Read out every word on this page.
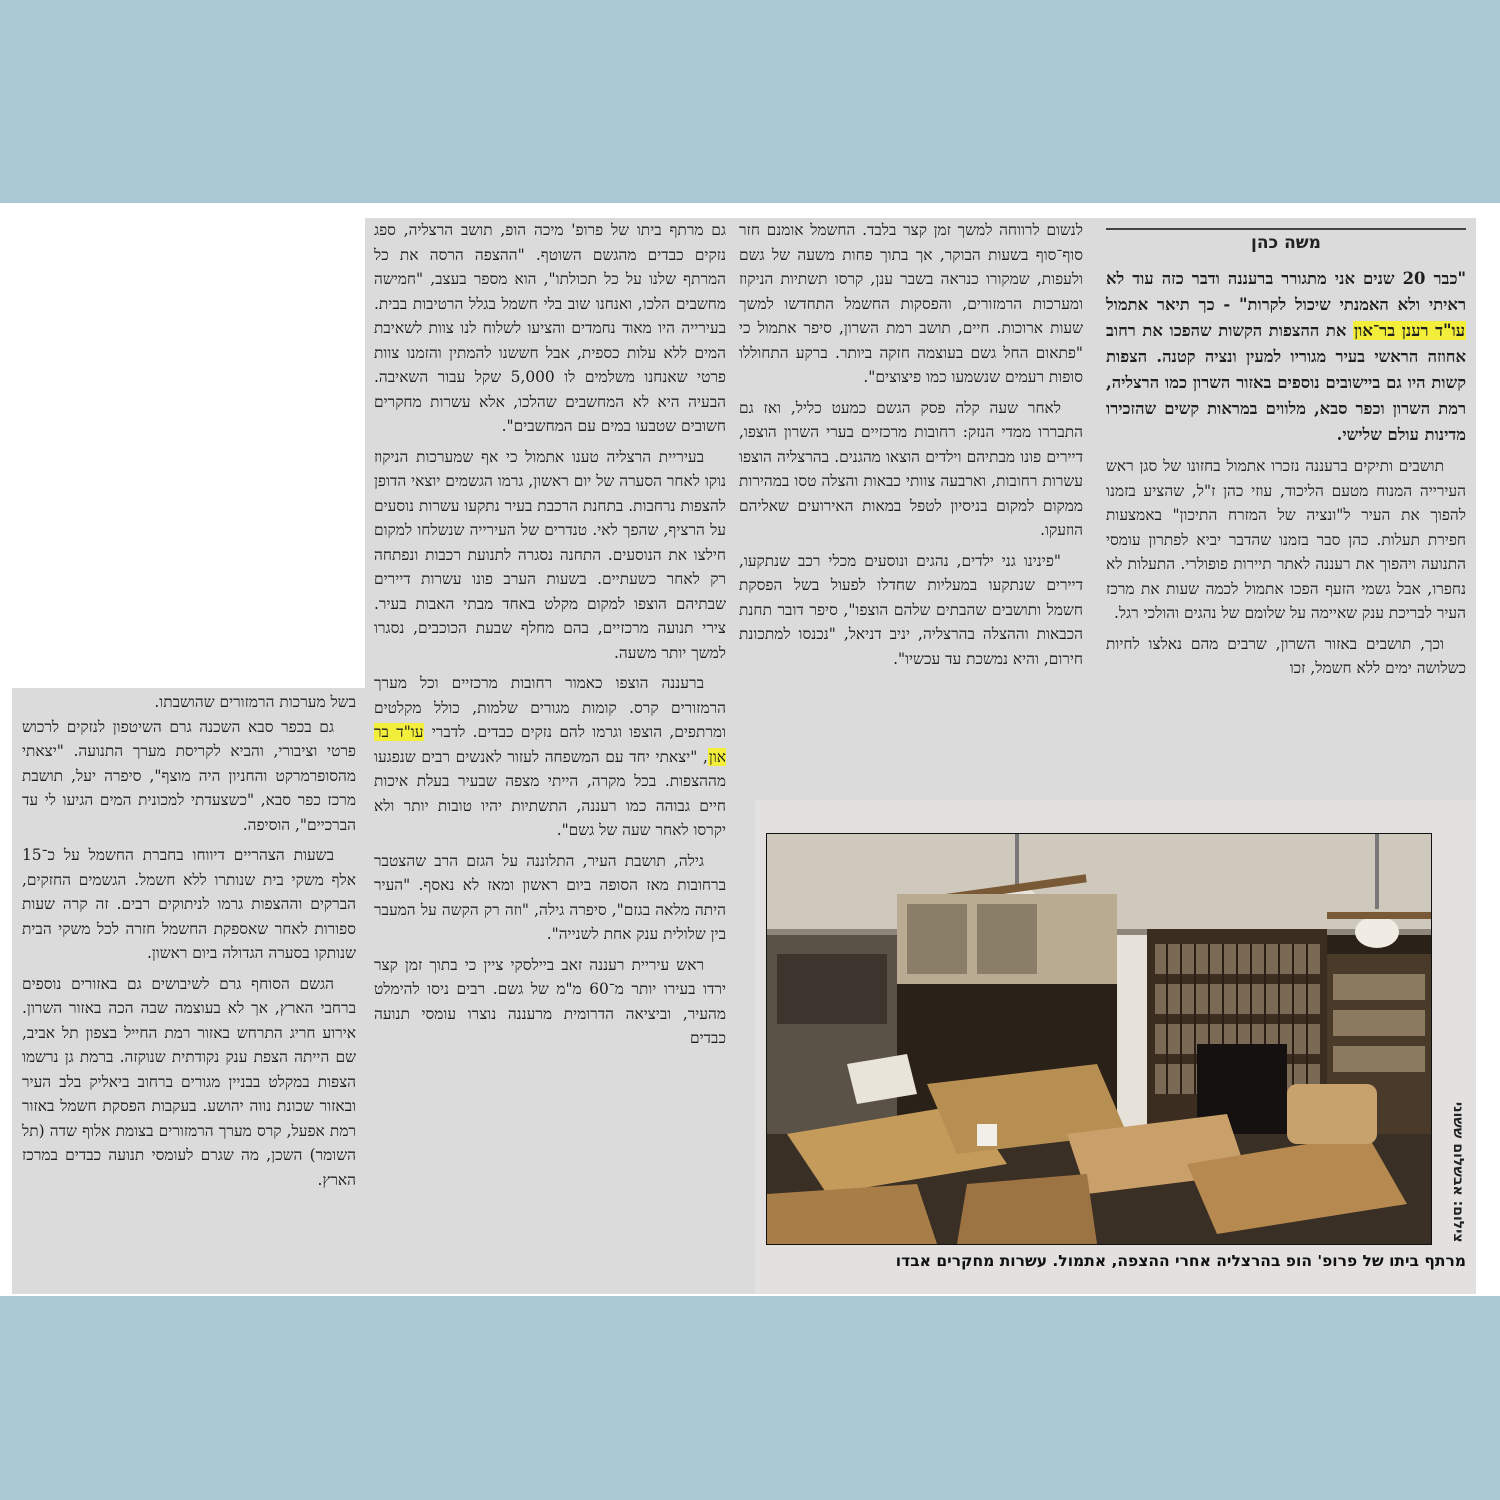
משה כהן

"כבר 20 שנים אני מתגורר ברעננה ודבר כזה עוד לא ראיתי ולא האמנתי שיכול לקרות" - כך תיאר אתמול עו"ד רענן בר־און את ההצפות הקשות שהפכו את רחוב אחוזה הראשי בעיר מגוריו למעין ונציה קטנה. הצפות קשות היו גם ביישובים נוספים באזור השרון כמו הרצליה, רמת השרון וכפר סבא, מלווים במראות קשים שהזכירו מדינות עולם שלישי.

תושבים ותיקים ברעננה נזכרו אתמול בחזונו של סגן ראש העירייה המנוח מטעם הליכוד, עוזי כהן ז"ל, שהציע בזמנו להפוך את העיר ל"ונציה של המזרח התיכון" באמצעות חפירת תעלות. כהן סבר בזמנו שהדבר יביא לפתרון עומסי התנועה ויהפוך את רעננה לאתר תיירות פופולרי. התעלות לא נחפרו, אבל גשמי הזעף הפכו אתמול לכמה שעות את מרכז העיר לבריכת ענק שאיימה על שלומם של נהגים והולכי רגל.

וכך, תושבים באזור השרון, שרבים מהם נאלצו לחיות כשלושה ימים ללא חשמל, זכו

לנשום לרווחה למשך זמן קצר בלבד. החשמל אומנם חזר סוף־סוף בשעות הבוקר, אך בתוך פחות משעה של גשם ולעפות, שמקורו כנראה בשבר ענן, קרסו תשתיות הניקוז ומערכות הרמזורים, והפסקות החשמל התחדשו למשך שעות ארוכות. חיים, תושב רמת השרון, סיפר אתמול כי "פתאום החל גשם בעוצמה חזקה ביותר. ברקע התחוללו סופות רעמים שנשמעו כמו פיצוצים".

לאחר שעה קלה פסק הגשם כמעט כליל, ואז גם התבררו ממדי הנזק: רחובות מרכזיים בערי השרון הוצפו, דיירים פונו מבתיהם וילדים הוצאו מהגנים. בהרצליה הוצפו עשרות רחובות, וארבעה צוותי כבאות והצלה טסו במהירות ממקום למקום בניסיון לטפל במאות האירועים שאליהם הוזעקו.

"פינינו גני ילדים, נהגים ונוסעים מכלי רכב שנתקעו, דיירים שנתקעו במעליות שחדלו לפעול בשל הפסקת חשמל ותושבים שהבתים שלהם הוצפו", סיפר דובר תחנת הכבאות וההצלה בהרצליה, יניב דניאל, "נכנסו למתכונת חירום, והיא נמשכת עד עכשיו".

גם מרתף ביתו של פרופ' מיכה הופ, תושב הרצליה, ספג נזקים כבדים מהגשם השוטף. "ההצפה הרסה את כל המרתף שלנו על כל תכולתו", הוא מספר בעצב, "חמישה מחשבים הלכו, ואנחנו שוב בלי חשמל בגלל הרטיבות בבית. בעירייה היו מאוד נחמדים והציעו לשלוח לנו צוות לשאיבת המים ללא עלות כספית, אבל חששנו להמתין והזמנו צוות פרטי שאנחנו משלמים לו 5,000 שקל עבור השאיבה. הבעיה היא לא המחשבים שהלכו, אלא עשרות מחקרים חשובים שטבעו במים עם המחשבים".

בעיריית הרצליה טענו אתמול כי אף שמערכות הניקוז נוקו לאחר הסערה של יום ראשון, גרמו הגשמים יוצאי הדופן להצפות נרחבות. בתחנת הרכבת בעיר נתקעו עשרות נוסעים על הרציף, שהפך לאי. טנדרים של העירייה שנשלחו למקום חילצו את הנוסעים. התחנה נסגרה לתנועת רכבות ונפתחה רק לאחר כשעתיים. בשעות הערב פונו עשרות דיירים שבתיהם הוצפו למקום מקלט באחד מבתי האבות בעיר. צירי תנועה מרכזיים, בהם מחלף שבעת הכוכבים, נסגרו למשך יותר משעה.

ברעננה הוצפו כאמור רחובות מרכזיים וכל מערך הרמזורים קרס. קומות מגורים שלמות, כולל מקלטים ומרתפים, הוצפו וגרמו להם נזקים כבדים. לדברי עו"ד בר און, "יצאתי יחד עם המשפחה לעזור לאנשים רבים שנפגעו מההצפות. בכל מקרה, הייתי מצפה שבעיר בעלת איכות חיים גבוהה כמו רעננה, התשתיות יהיו טובות יותר ולא יקרסו לאחר שעה של גשם".

גילה, תושבת העיר, התלוננה על הגזם הרב שהצטבר ברחובות מאז הסופה ביום ראשון ומאז לא נאסף. "העיר היתה מלאה בגזם", סיפרה גילה, "וזה רק הקשה על המעבר בין שלולית ענק אחת לשנייה".

ראש עיריית רעננה זאב ביילסקי ציין כי בתוך זמן קצר ירדו בעירו יותר מ־60 מ"מ של גשם. רבים ניסו להימלט מהעיר, וביציאה הדרומית מרעננה נוצרו עומסי תנועה כבדים

בשל מערכות הרמזורים שהושבתו.

גם בכפר סבא השכנה גרם השיטפון לנזקים לרכוש פרטי וציבורי, והביא לקריסת מערך התנועה. "יצאתי מהסופרמרקט והחניון היה מוצף", סיפרה יעל, תושבת מרכז כפר סבא, "כשצעדתי למכונית המים הגיעו לי עד הברכיים", הוסיפה.

בשעות הצהריים דיווחו בחברת החשמל על כ־15 אלף משקי בית שנותרו ללא חשמל. הגשמים החזקים, הברקים וההצפות גרמו לניתוקים רבים. זה קרה שעות ספורות לאחר שאספקת החשמל חזרה לכל משקי הבית שנותקו בסערה הגדולה ביום ראשון.

הגשם הסוחף גרם לשיבושים גם באזורים נוספים ברחבי הארץ, אך לא בעוצמה שבה הכה באזור השרון. אירוע חריג התרחש באזור רמת החייל בצפון תל אביב, שם הייתה הצפת ענק נקודתית שנוקזה. ברמת גן נרשמו הצפות במקלט בבניין מגורים ברחוב ביאליק בלב העיר ובאזור שכונת נווה יהושע. בעקבות הפסקת חשמל באזור רמת אפעל, קרס מערך הרמזורים בצומת אלוף שדה (תל השומר) השכן, מה שגרם לעומסי תנועה כבדים במרכז הארץ.	צילום: אבשלום ששוני
מרתף ביתו של פרופ' הופ בהרצליה אחרי ההצפה, אתמול. עשרות מחקרים אבדו
